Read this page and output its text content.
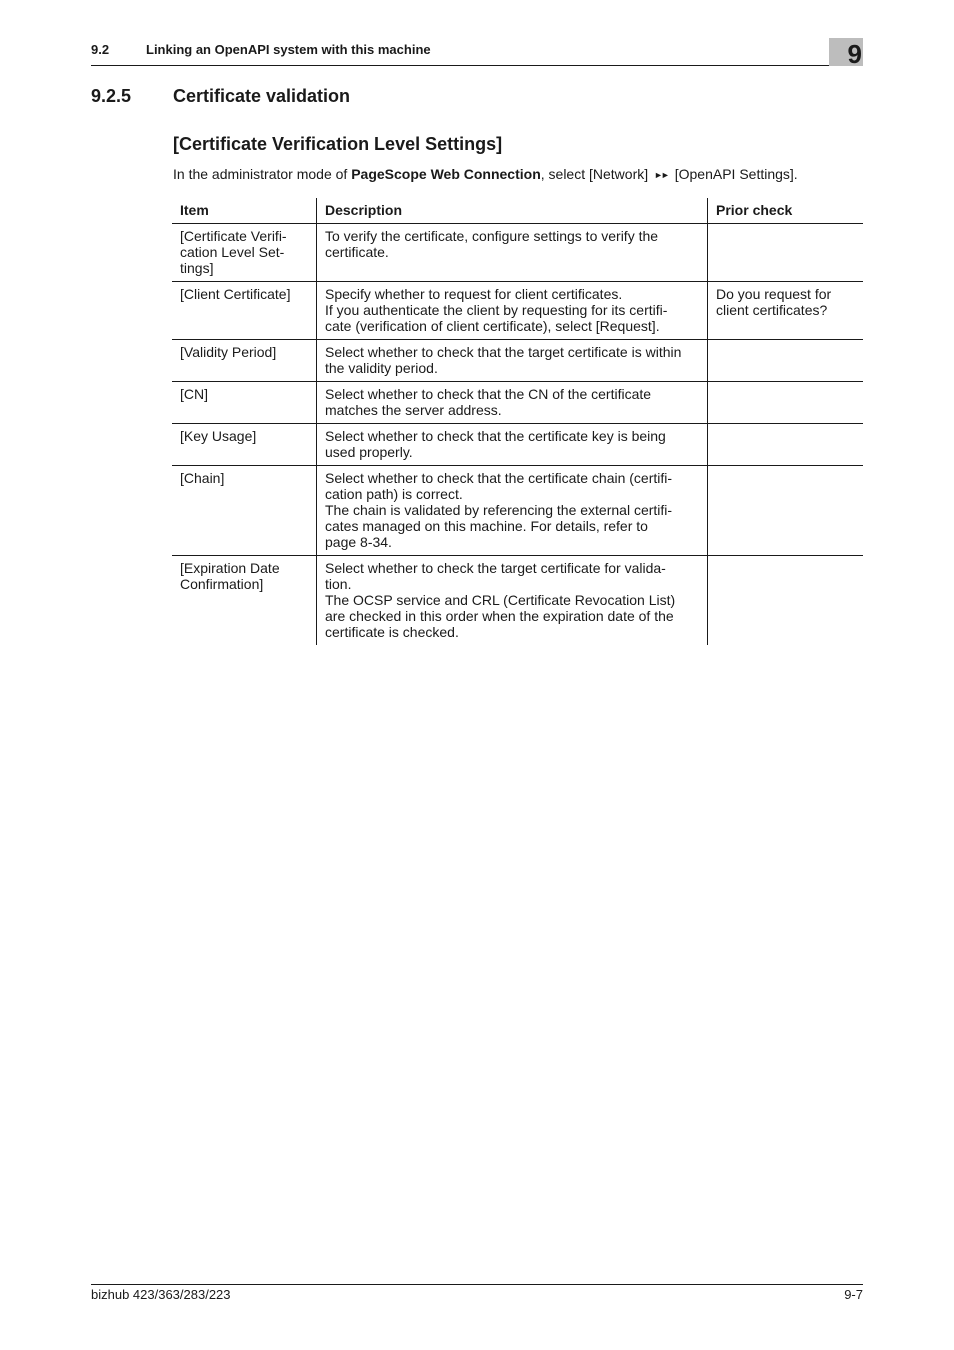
9.2	Linking an OpenAPI system with this machine	9
9.2.5 Certificate validation
[Certificate Verification Level Settings]
In the administrator mode of PageScope Web Connection, select [Network] ►► [OpenAPI Settings].
Item	Description	Prior check

[Certificate Verifi-
cation Level Set-
tings]	To verify the certificate, configure settings to verify the
certificate.	

[Client Certificate]	Specify whether to request for client certificates.
If you authenticate the client by requesting for its certifi-
cate (verification of client certificate), select [Request].	Do you request for
client certificates?

[Validity Period]	Select whether to check that the target certificate is within
the validity period.	

[CN]	Select whether to check that the CN of the certificate
matches the server address.	

[Key Usage]	Select whether to check that the certificate key is being
used properly.	

[Chain]	Select whether to check that the certificate chain (certifi-
cation path) is correct.
The chain is validated by referencing the external certifi-
cates managed on this machine. For details, refer to
page 8-34.	

[Expiration Date
Confirmation]	Select whether to check the target certificate for valida-
tion.
The OCSP service and CRL (Certificate Revocation List)
are checked in this order when the expiration date of the
certificate is checked.	

bizhub 423/363/283/223	9-7
